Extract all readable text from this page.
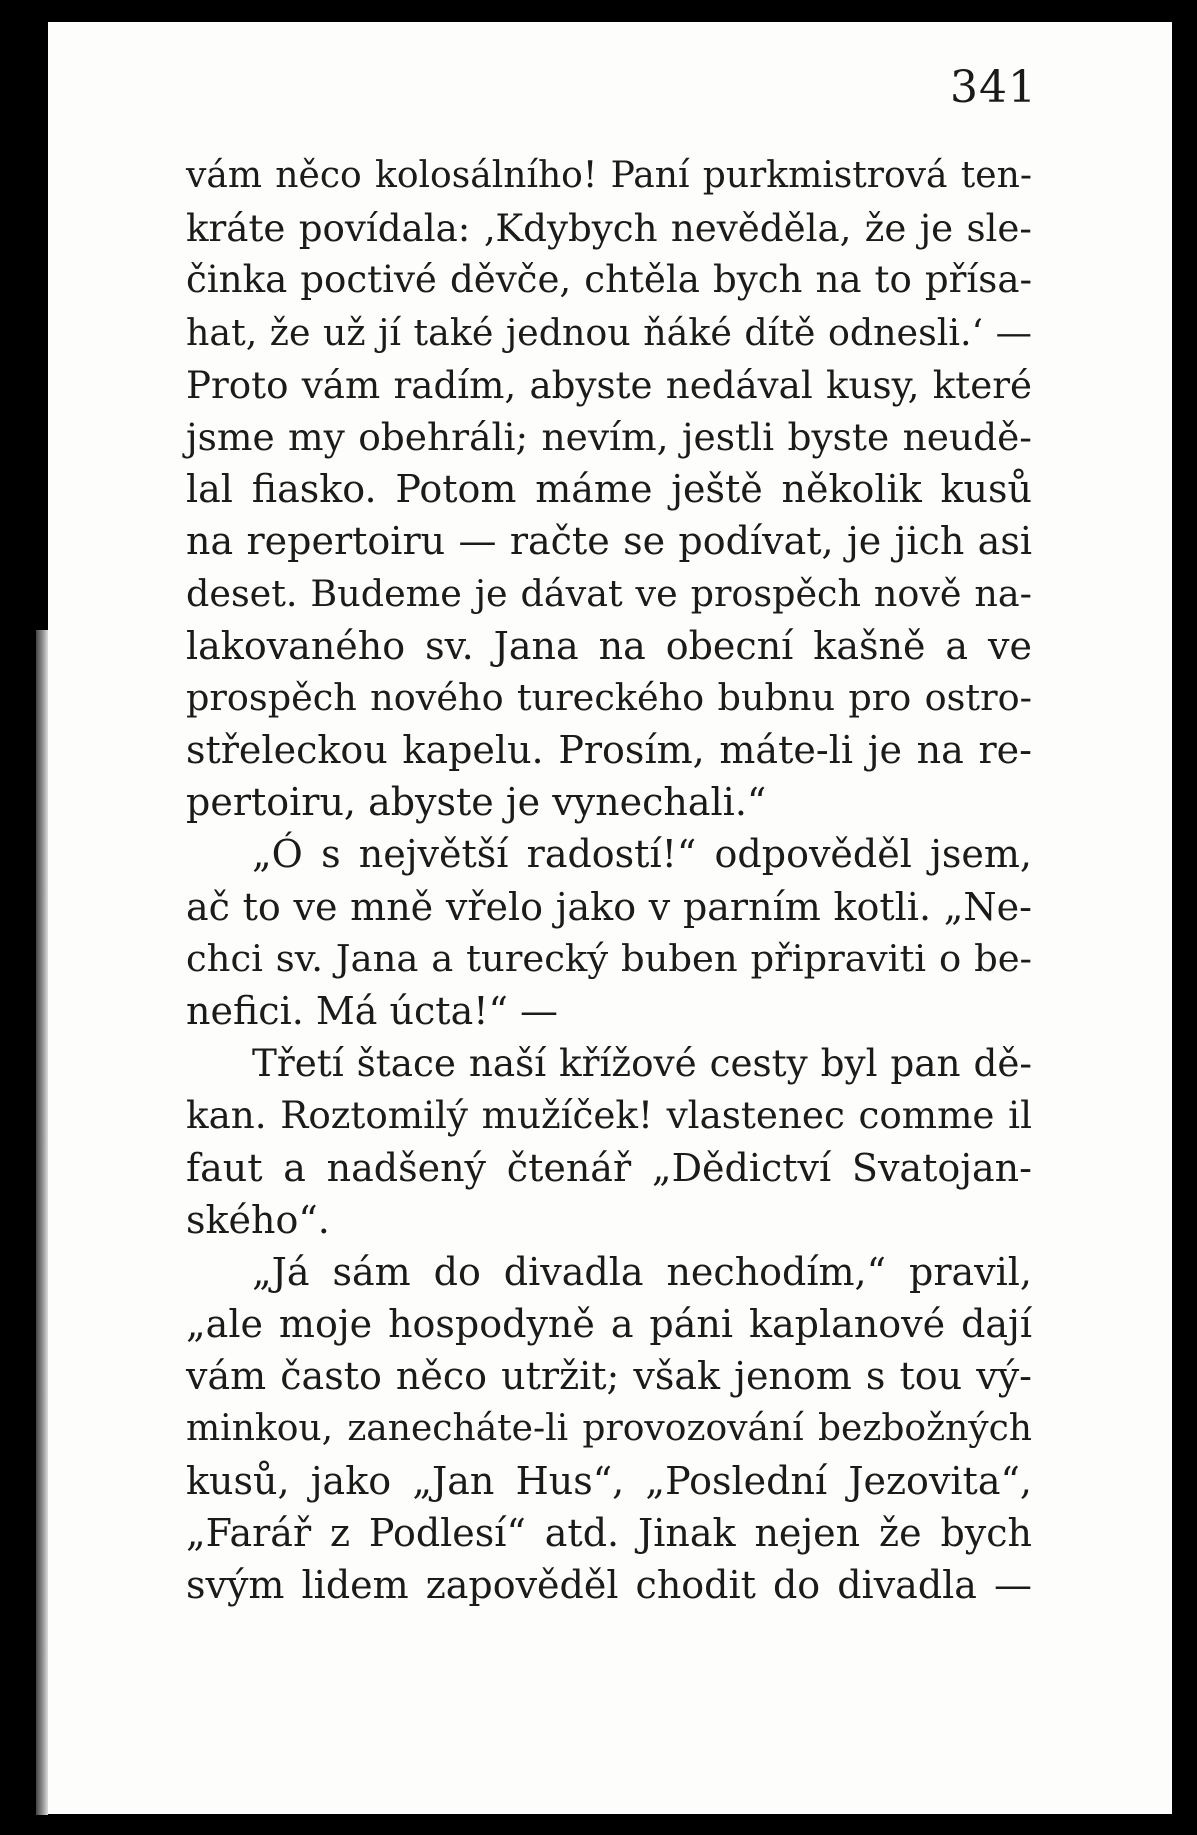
341
vám něco kolosálního! Paní purkmistrová ten-
kráte povídala: ‚Kdybych nevěděla, že je sle-
činka poctivé děvče, chtěla bych na to přísa-
hat, že už jí také jednou ňáké dítě odnesli.‘ —
Proto vám radím, abyste nedával kusy, které
jsme my obehráli; nevím, jestli byste neudě-
lal fiasko. Potom máme ještě několik kusů
na repertoiru — račte se podívat, je jich asi
deset. Budeme je dávat ve prospěch nově na-
lakovaného sv. Jana na obecní kašně a ve
prospěch nového tureckého bubnu pro ostro-
střeleckou kapelu. Prosím, máte-li je na re-
pertoiru, abyste je vynechali.“
„Ó s největší radostí!“ odpověděl jsem,
ač to ve mně vřelo jako v parním kotli. „Ne-
chci sv. Jana a turecký buben připraviti o be-
nefici. Má úcta!“ —
Třetí štace naší křížové cesty byl pan dě-
kan. Roztomilý mužíček! vlastenec comme il
faut a nadšený čtenář „Dědictví Svatojan-
ského“.
„Já sám do divadla nechodím,“ pravil,
„ale moje hospodyně a páni kaplanové dají
vám často něco utržit; však jenom s tou vý-
minkou, zanecháte-li provozování bezbožných
kusů, jako „Jan Hus“, „Poslední Jezovita“,
„Farář z Podlesí“ atd. Jinak nejen že bych
svým lidem zapověděl chodit do divadla —
